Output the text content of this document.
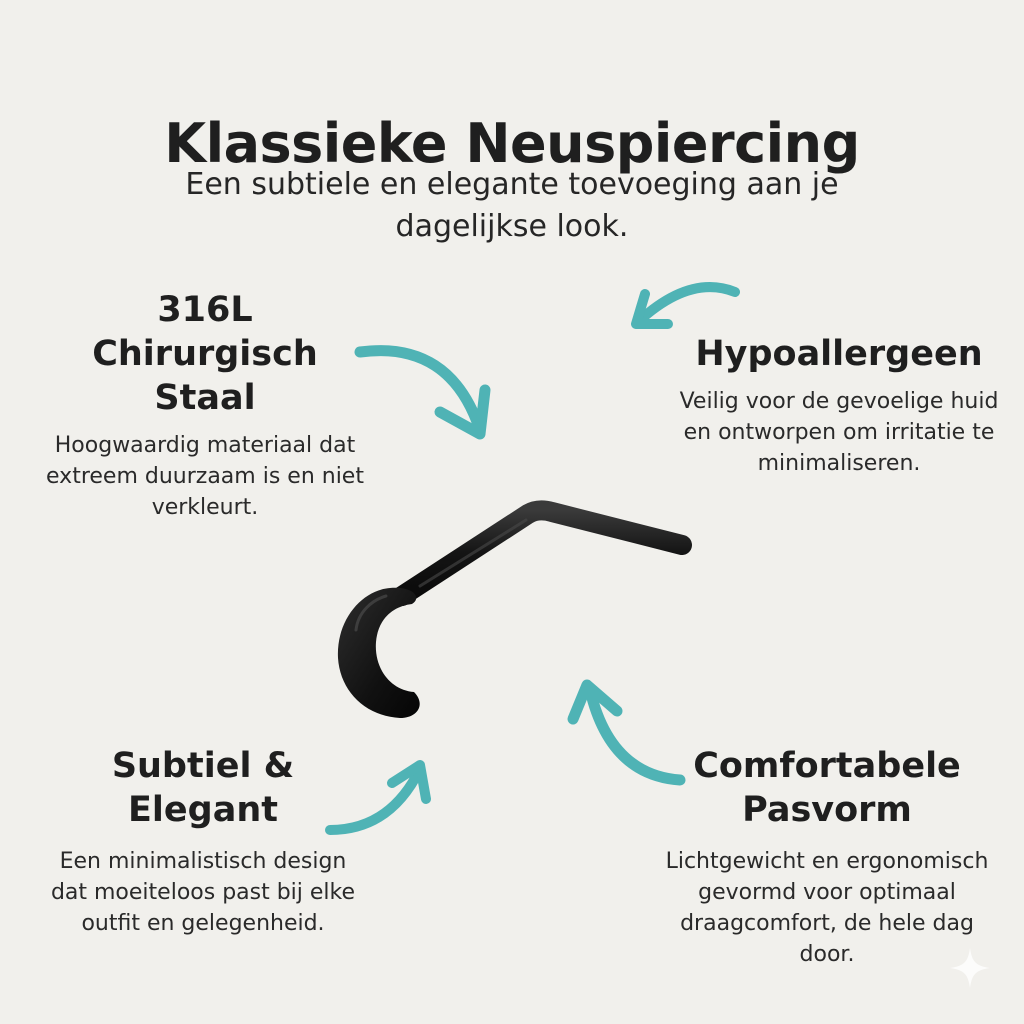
Klassieke Neuspiercing
Een subtiele en elegante toevoeging aan je dagelijkse look.
316L Chirurgisch Staal
Hoogwaardig materiaal dat extreem duurzaam is en niet verkleurt.
Hypoallergeen
Veilig voor de gevoelige huid en ontworpen om irritatie te minimaliseren.
Subtiel & Elegant
Een minimalistisch design dat moeiteloos past bij elke outfit en gelegenheid.
Comfortabele Pasvorm
Lichtgewicht en ergonomisch gevormd voor optimaal draagcomfort, de hele dag door.
